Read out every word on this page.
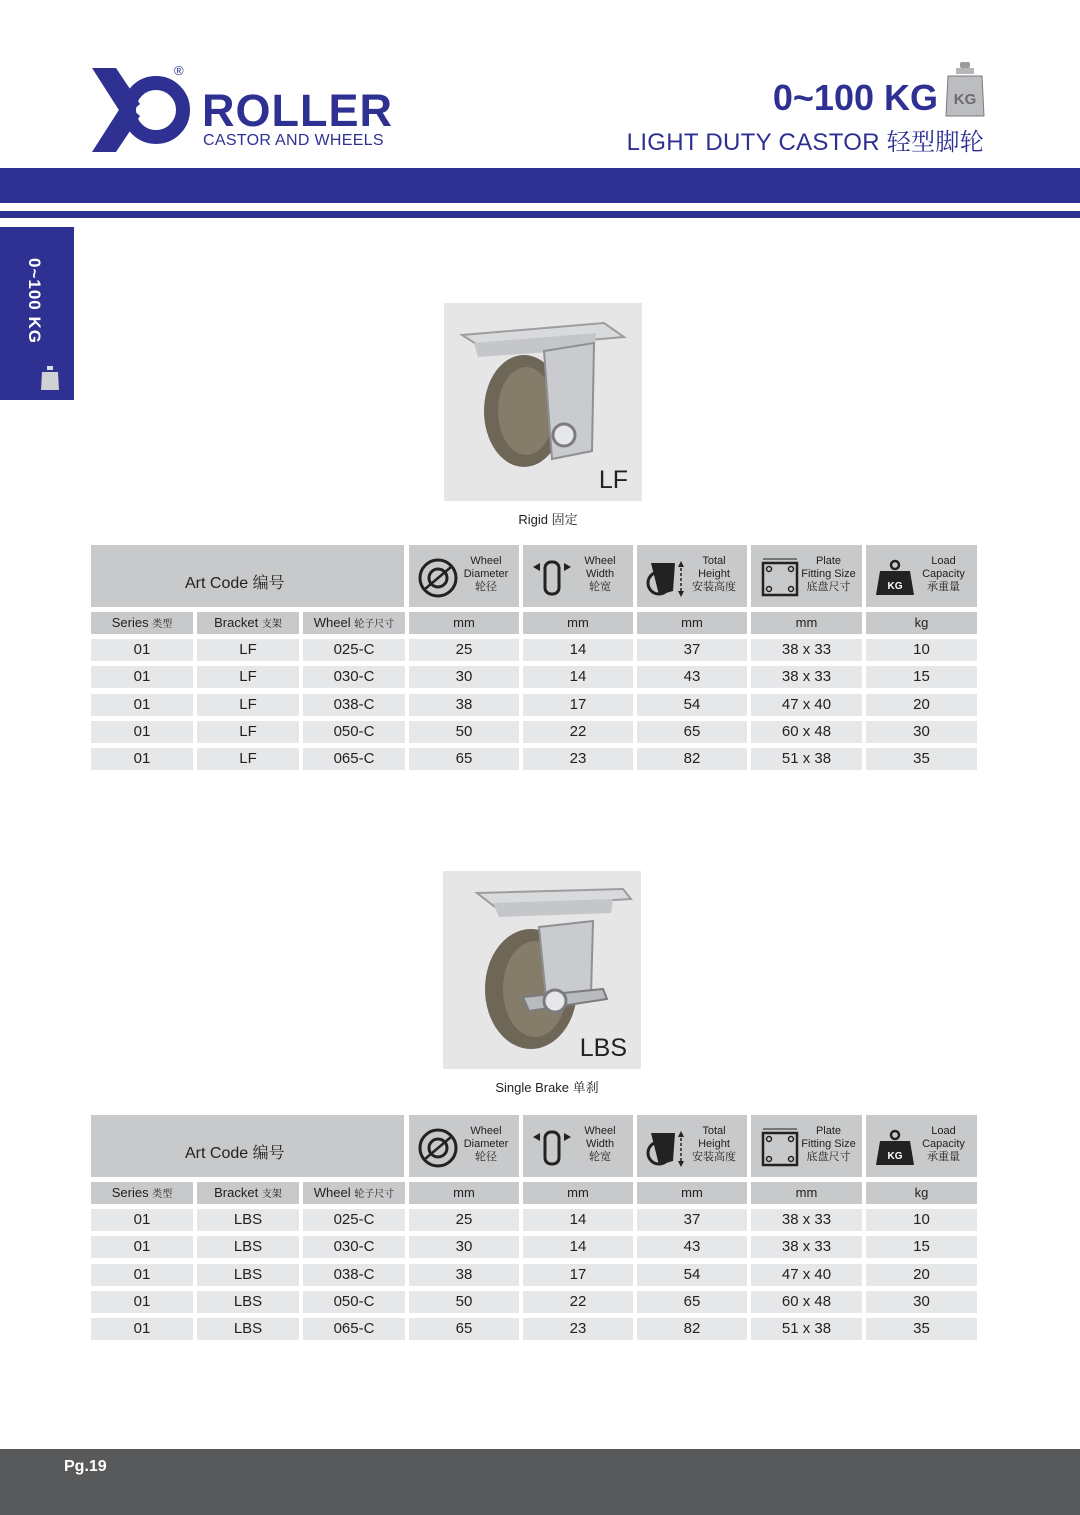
®
ROLLER
CASTOR AND WHEELS
0~100 KG KG
LIGHT DUTY CASTOR 轻型脚轮
0~100 KG
LF
Rigid 固定
Art Code 编号
Wheel
Diameter
轮径
Wheel
Width
轮宽
Total
Height
安装高度
Plate
Fitting Size
底盘尺寸	KG
Load
Capacity
承重量
Series 类型	Bracket 支架	Wheel 轮子尺寸	mm	mm	mm	mm	kg
01	LF	025-C	25	14	37	38 x 33	10
01	LF	030-C	30	14	43	38 x 33	15
01	LF	038-C	38	17	54	47 x 40	20
01	LF	050-C	50	22	65	60 x 48	30
01	LF	065-C	65	23	82	51 x 38	35
LBS
Single Brake 单刹
Art Code 编号
Wheel
Diameter
轮径
Wheel
Width
轮宽
Total
Height
安装高度
Plate
Fitting Size
底盘尺寸	KG
Load
Capacity
承重量
Series 类型	Bracket 支架	Wheel 轮子尺寸	mm	mm	mm	mm	kg
01	LBS	025-C	25	14	37	38 x 33	10
01	LBS	030-C	30	14	43	38 x 33	15
01	LBS	038-C	38	17	54	47 x 40	20
01	LBS	050-C	50	22	65	60 x 48	30
01	LBS	065-C	65	23	82	51 x 38	35
Pg.19
